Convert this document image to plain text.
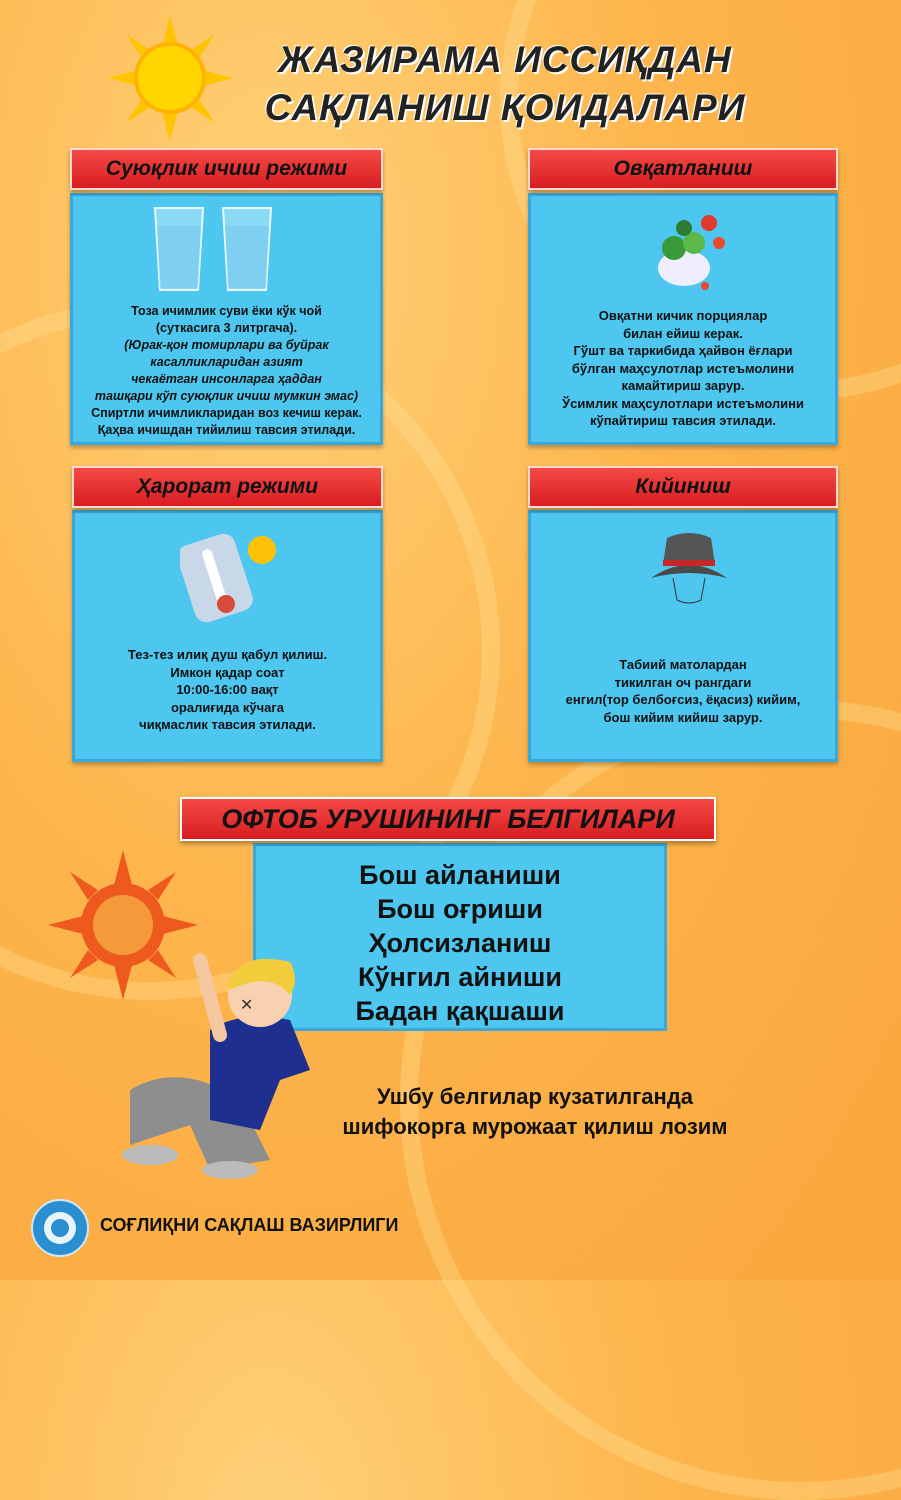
ЖАЗИРАМА ИССИҚДАН
САҚЛАНИШ ҚОИДАЛАРИ
Тоза ичимлик суви ёки кўк чой
(суткасига 3 литргача).
(Юрак-қон томирлари ва буйрак
касалликларидан азият
чекаётган инсонларга ҳаддан
ташқари кўп суюқлик ичиш мумкин эмас)
Спиртли ичимликларидан воз кечиш керак.
Қаҳва ичишдан тийилиш тавсия этилади.
Суюқлик ичиш режими
Овқатни кичик порциялар
билан ейиш керак.
Гўшт ва таркибида ҳайвон ёғлари
бўлган маҳсулотлар истеъмолини
камайтириш зарур.
Ўсимлик маҳсулотлари истеъмолини
кўпайтириш тавсия этилади.
Овқатланиш
Тез-тез илиқ душ қабул қилиш.
Имкон қадар соат
10:00-16:00 вақт
оралиғида кўчага
чиқмаслик тавсия этилади.
Ҳарорат режими
Табиий матолардан
тикилган оч рангдаги
енгил(тор белбоғсиз, ёқасиз) кийим,
бош кийим кийиш зарур.
Кийиниш
Бош айланиши
Бош оғриши
Ҳолсизланиш
Кўнгил айниши
Бадан қақшаши
ОФТОБ УРУШИНИНГ БЕЛГИЛАРИ
✕
Ушбу белгилар кузатилганда
шифокорга мурожаат қилиш лозим
СОҒЛИҚНИ САҚЛАШ ВАЗИРЛИГИ
